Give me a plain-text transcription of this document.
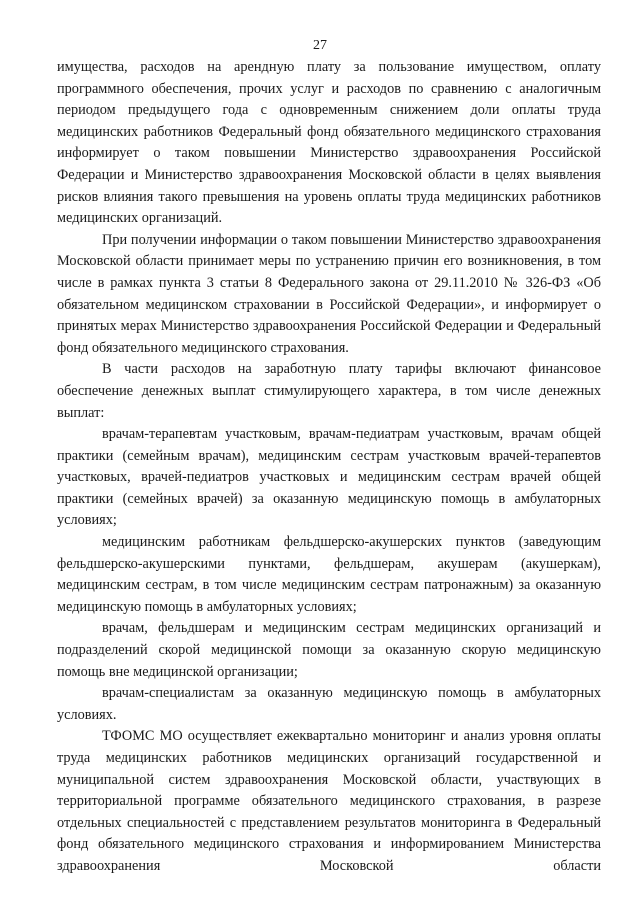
27

имущества, расходов на арендную плату за пользование имуществом, оплату программного обеспечения, прочих услуг и расходов по сравнению с аналогичным периодом предыдущего года с одновременным снижением доли оплаты труда медицинских работников Федеральный фонд обязательного медицинского страхования информирует о таком повышении Министерство здравоохранения Российской Федерации и Министерство здравоохранения Московской области в целях выявления рисков влияния такого превышения на уровень оплаты труда медицинских работников медицинских организаций.

При получении информации о таком повышении Министерство здравоохранения Московской области принимает меры по устранению причин его возникновения, в том числе в рамках пункта 3 статьи 8 Федерального закона от 29.11.2010 № 326-ФЗ «Об обязательном медицинском страховании в Российской Федерации», и информирует о принятых мерах Министерство здравоохранения Российской Федерации и Федеральный фонд обязательного медицинского страхования.

В части расходов на заработную плату тарифы включают финансовое обеспечение денежных выплат стимулирующего характера, в том числе денежных выплат:

врачам-терапевтам участковым, врачам-педиатрам участковым, врачам общей практики (семейным врачам), медицинским сестрам участковым врачей-терапевтов участковых, врачей-педиатров участковых и медицинским сестрам врачей общей практики (семейных врачей) за оказанную медицинскую помощь в амбулаторных условиях;

медицинским работникам фельдшерско-акушерских пунктов (заведующим фельдшерско-акушерскими пунктами, фельдшерам, акушерам (акушеркам), медицинским сестрам, в том числе медицинским сестрам патронажным) за оказанную медицинскую помощь в амбулаторных условиях;

врачам, фельдшерам и медицинским сестрам медицинских организаций и подразделений скорой медицинской помощи за оказанную скорую медицинскую помощь вне медицинской организации;

врачам-специалистам за оказанную медицинскую помощь в амбулаторных условиях.

ТФОМС МО осуществляет ежеквартально мониторинг и анализ уровня оплаты труда медицинских работников медицинских организаций государственной и муниципальной систем здравоохранения Московской области, участвующих в территориальной программе обязательного медицинского страхования, в разрезе отдельных специальностей с представлением результатов мониторинга в Федеральный фонд обязательного медицинского страхования и информированием Министерства здравоохранения Московской области
